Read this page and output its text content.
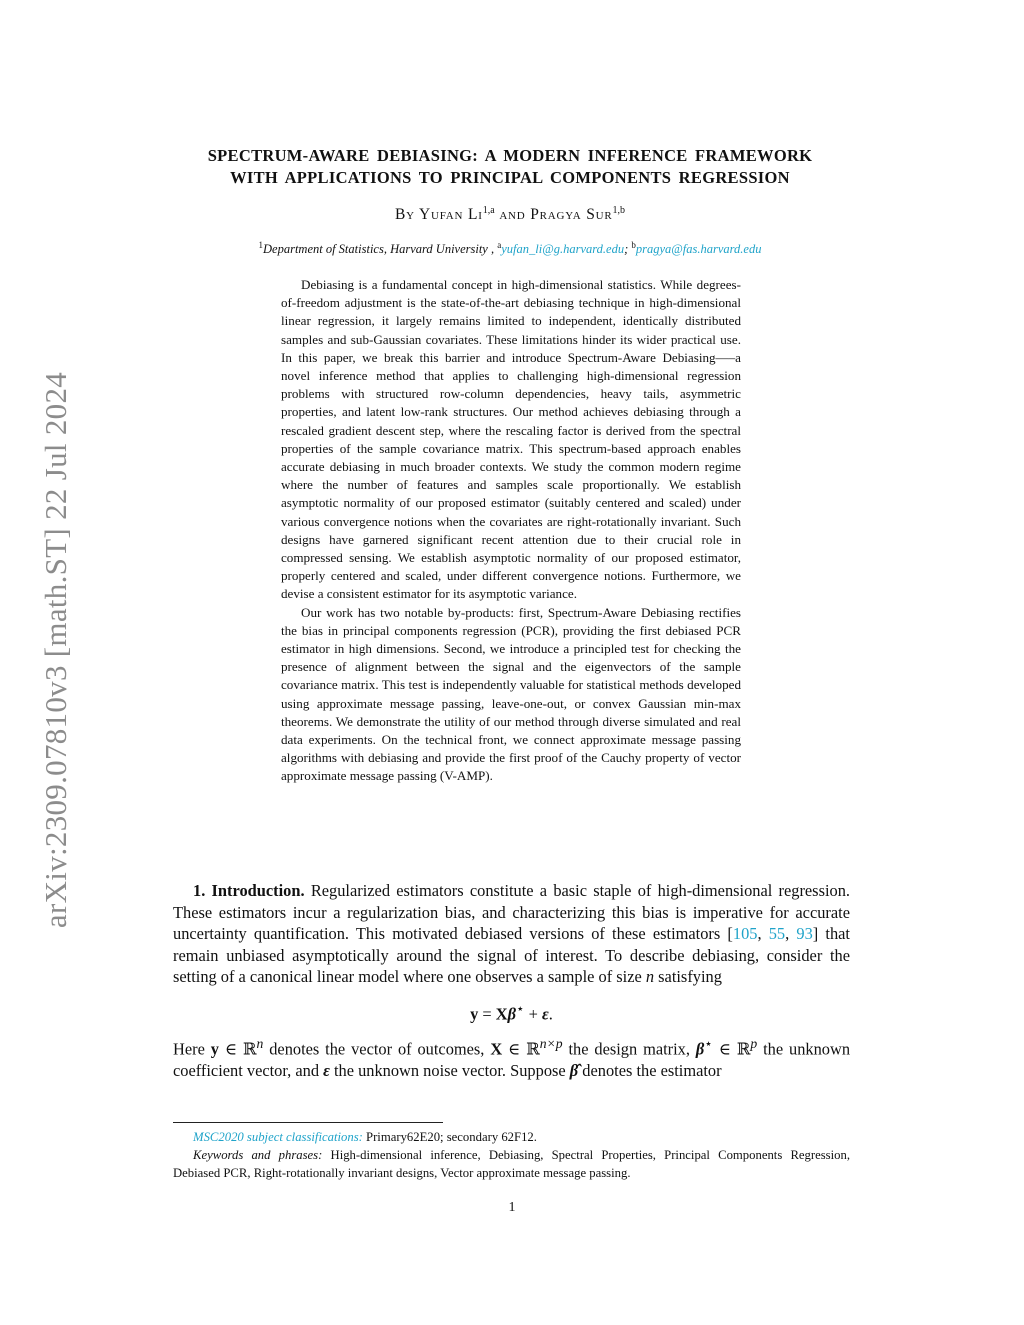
arXiv:2309.07810v3 [math.ST] 22 Jul 2024
SPECTRUM-AWARE DEBIASING: A MODERN INFERENCE FRAMEWORK
WITH APPLICATIONS TO PRINCIPAL COMPONENTS REGRESSION
By Yufan Li$^{1,a}$ and Pragya Sur$^{1,b}$
$^1$Department of Statistics, Harvard University , $^a$yufan_li@g.harvard.edu; $^b$pragya@fas.harvard.edu

Debiasing is a fundamental concept in high-dimensional statistics. While degrees-of-freedom adjustment is the state-of-the-art debiasing technique in high-dimensional linear regression, it largely remains limited to independent, identically distributed samples and sub-Gaussian covariates. These limitations hinder its wider practical use. In this paper, we break this barrier and introduce Spectrum-Aware Debiasing—–a novel inference method that applies to challenging high-dimensional regression problems with structured row-column dependencies, heavy tails, asymmetric properties, and latent low-rank structures. Our method achieves debiasing through a rescaled gradient descent step, where the rescaling factor is derived from the spectral properties of the sample covariance matrix. This spectrum-based approach enables accurate debiasing in much broader contexts. We study the common modern regime where the number of features and samples scale proportionally. We establish asymptotic normality of our proposed estimator (suitably centered and scaled) under various convergence notions when the covariates are right-rotationally invariant. Such designs have garnered significant recent attention due to their crucial role in compressed sensing. We establish asymptotic normality of our proposed estimator, properly centered and scaled, under different convergence notions. Furthermore, we devise a consistent estimator for its asymptotic variance.

Our work has two notable by-products: first, Spectrum-Aware Debiasing rectifies the bias in principal components regression (PCR), providing the first debiased PCR estimator in high dimensions. Second, we introduce a principled test for checking the presence of alignment between the signal and the eigenvectors of the sample covariance matrix. This test is independently valuable for statistical methods developed using approximate message passing, leave-one-out, or convex Gaussian min-max theorems. We demonstrate the utility of our method through diverse simulated and real data experiments. On the technical front, we connect approximate message passing algorithms with debiasing and provide the first proof of the Cauchy property of vector approximate message passing (V-AMP).

1. Introduction. Regularized estimators constitute a basic staple of high-dimensional regression. These estimators incur a regularization bias, and characterizing this bias is imperative for accurate uncertainty quantification. This motivated debiased versions of these estimators [105, 55, 93] that remain unbiased asymptotically around the signal of interest. To describe debiasing, consider the setting of a canonical linear model where one observes a sample of size n satisfying

y = Xβ⋆ + ε.

Here y ∈ ℝ$^n$ denotes the vector of outcomes, X ∈ ℝ$^{n\times p}$ the design matrix, β⋆ ∈ ℝ$^p$ the unknown coefficient vector, and ε the unknown noise vector. Suppose β̂ denotes the estimator

MSC2020 subject classifications: Primary62E20; secondary 62F12.

Keywords and phrases: High-dimensional inference, Debiasing, Spectral Properties, Principal Components Regression, Debiased PCR, Right-rotationally invariant designs, Vector approximate message passing.

1
